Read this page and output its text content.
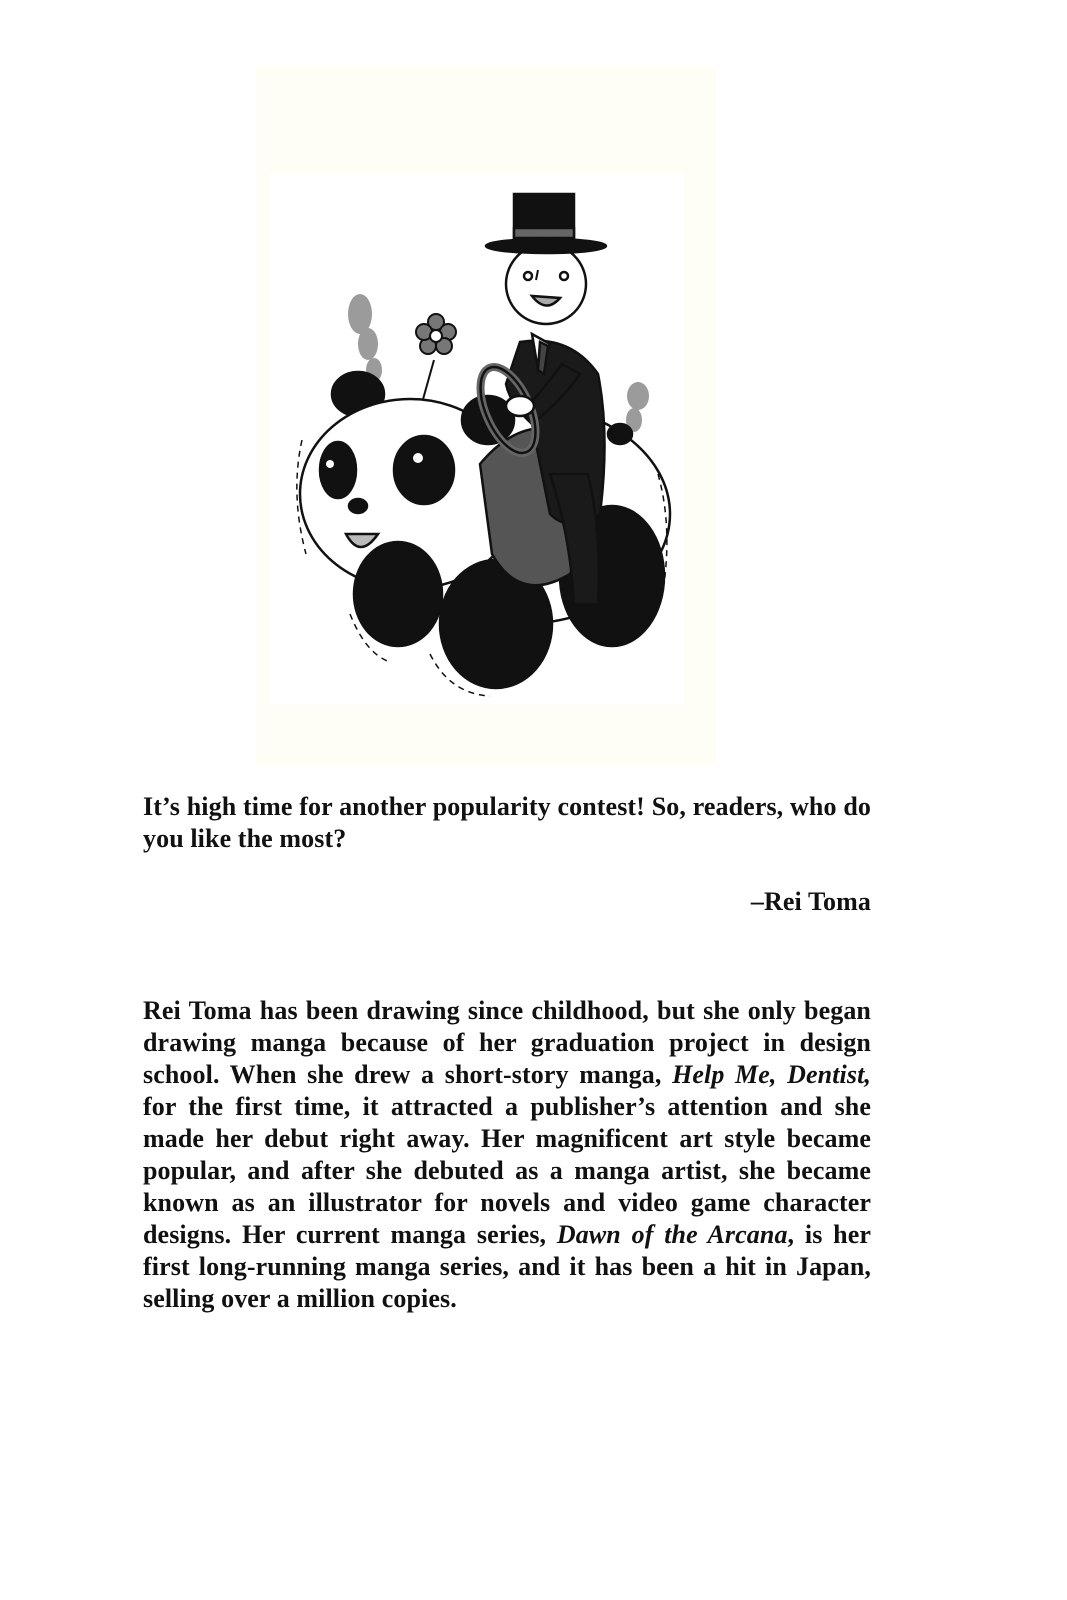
It’s high time for another popularity contest! So, readers, who do you like the most?
–Rei Toma

Rei Toma has been drawing since childhood, but she only began drawing manga because of her graduation project in design school. When she drew a short-story manga, Help Me, Dentist, for the first time, it attracted a publisher’s attention and she made her debut right away. Her magnificent art style became popular, and after she debuted as a manga artist, she became known as an illustrator for novels and video game character designs. Her current manga series, Dawn of the Arcana, is her first long-running manga series, and it has been a hit in Japan, selling over a million copies.
